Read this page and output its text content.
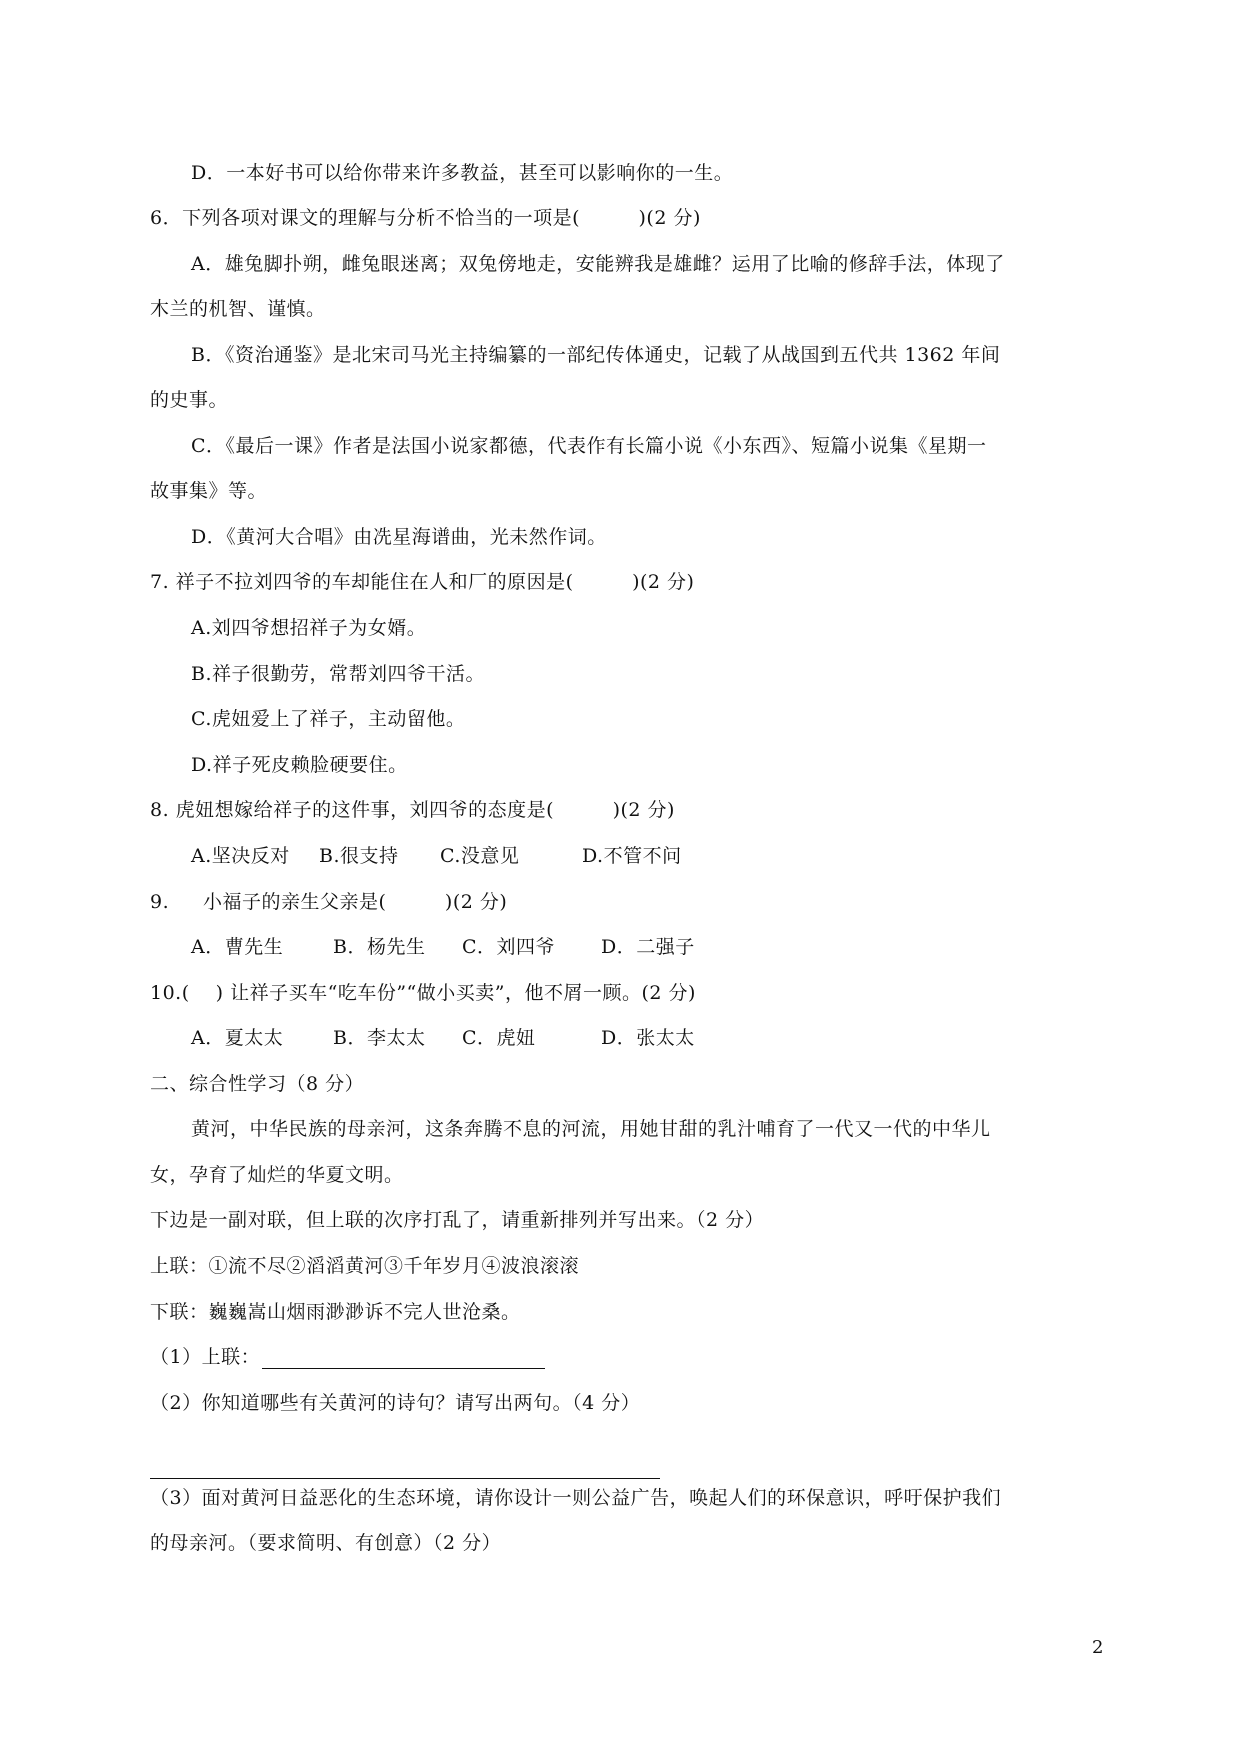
D．一本好书可以给你带来许多教益，甚至可以影响你的一生。
6．下列各项对课文的理解与分析不恰当的一项是(　　　)(2 分)
A．雄兔脚扑朔，雌兔眼迷离；双兔傍地走，安能辨我是雄雌？运用了比喻的修辞手法，体现了
木兰的机智、谨慎。
B．《资治通鉴》是北宋司马光主持编纂的一部纪传体通史，记载了从战国到五代共 1362 年间
的史事。
C．《最后一课》作者是法国小说家都德，代表作有长篇小说《小东西》、短篇小说集《星期一
故事集》等。
D．《黄河大合唱》由冼星海谱曲，光未然作词。
7. 祥子不拉刘四爷的车却能住在人和厂的原因是(　　　)(2 分)
A.刘四爷想招祥子为女婿。
B.祥子很勤劳，常帮刘四爷干活。
C.虎妞爱上了祥子，主动留他。
D.祥子死皮赖脸硬要住。
8. 虎妞想嫁给祥子的这件事，刘四爷的态度是(　　　)(2 分)
A.坚决反对 B.很支持 C.没意见	D.不管不问
9. 小福子的亲生父亲是(　　　)(2 分)
A．曹先生	B．杨先生 C．刘四爷 D．二强子
10.(　 ) 让祥子买车“吃车份”“做小买卖”，他不屑一顾。(2 分)
A．夏太太	B．李太太 C．虎妞	D．张太太
二、综合性学习（8 分）
黄河，中华民族的母亲河，这条奔腾不息的河流，用她甘甜的乳汁哺育了一代又一代的中华儿
女，孕育了灿烂的华夏文明。
下边是一副对联，但上联的次序打乱了，请重新排列并写出来。（2 分）
上联：①流不尽②滔滔黄河③千年岁月④波浪滚滚
下联：巍巍嵩山烟雨渺渺诉不完人世沧桑。
（1）上联：
（2）你知道哪些有关黄河的诗句？请写出两句。（4 分）
（3）面对黄河日益恶化的生态环境，请你设计一则公益广告，唤起人们的环保意识，呼吁保护我们
的母亲河。（要求简明、有创意）（2 分）
2
